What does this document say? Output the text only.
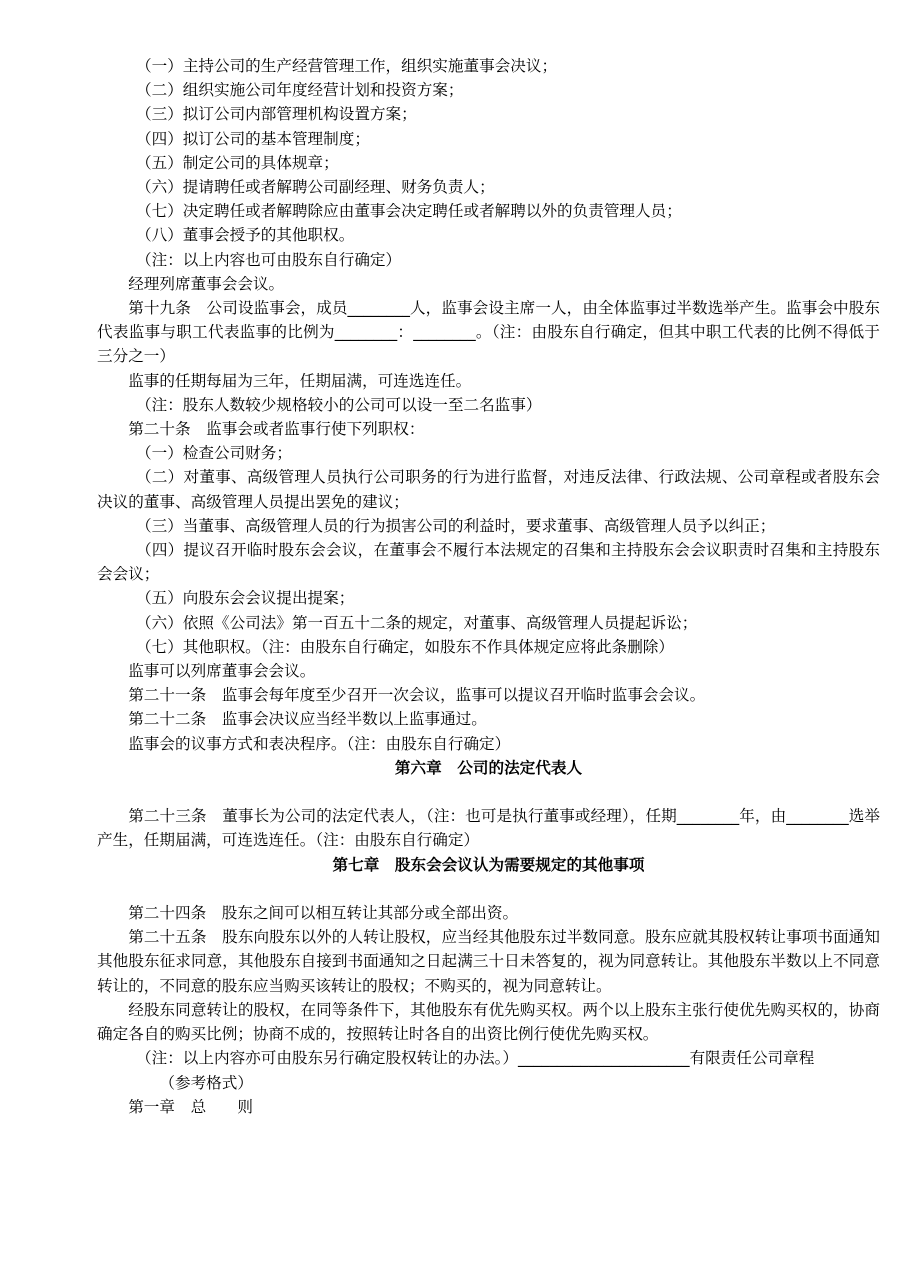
（一）主持公司的生产经营管理工作，组织实施董事会决议；

（二）组织实施公司年度经营计划和投资方案；

（三）拟订公司内部管理机构设置方案；

（四）拟订公司的基本管理制度；

（五）制定公司的具体规章；

（六）提请聘任或者解聘公司副经理、财务负责人；

（七）决定聘任或者解聘除应由董事会决定聘任或者解聘以外的负责管理人员；

（八）董事会授予的其他职权。

（注：以上内容也可由股东自行确定）

经理列席董事会会议。

第十九条　公司设监事会，成员________人，监事会设主席一人，由全体监事过半数选举产生。监事会中股东代表监事与职工代表监事的比例为________：________。（注：由股东自行确定，但其中职工代表的比例不得低于三分之一）

监事的任期每届为三年，任期届满，可连选连任。

（注：股东人数较少规格较小的公司可以设一至二名监事）

第二十条　监事会或者监事行使下列职权：

（一）检查公司财务；

（二）对董事、高级管理人员执行公司职务的行为进行监督，对违反法律、行政法规、公司章程或者股东会决议的董事、高级管理人员提出罢免的建议；

（三）当董事、高级管理人员的行为损害公司的利益时，要求董事、高级管理人员予以纠正；

（四）提议召开临时股东会会议，在董事会不履行本法规定的召集和主持股东会会议职责时召集和主持股东会会议；

（五）向股东会会议提出提案；

（六）依照《公司法》第一百五十二条的规定，对董事、高级管理人员提起诉讼；

（七）其他职权。（注：由股东自行确定，如股东不作具体规定应将此条删除）

监事可以列席董事会会议。

第二十一条　监事会每年度至少召开一次会议，监事可以提议召开临时监事会会议。

第二十二条　监事会决议应当经半数以上监事通过。

监事会的议事方式和表决程序。（注：由股东自行确定）

第六章　公司的法定代表人

第二十三条　董事长为公司的法定代表人，（注：也可是执行董事或经理），任期________年，由________选举产生，任期届满，可连选连任。（注：由股东自行确定）

第七章　股东会会议认为需要规定的其他事项

第二十四条　股东之间可以相互转让其部分或全部出资。

第二十五条　股东向股东以外的人转让股权，应当经其他股东过半数同意。股东应就其股权转让事项书面通知其他股东征求同意，其他股东自接到书面通知之日起满三十日未答复的，视为同意转让。其他股东半数以上不同意转让的，不同意的股东应当购买该转让的股权；不购买的，视为同意转让。

经股东同意转让的股权，在同等条件下，其他股东有优先购买权。两个以上股东主张行使优先购买权的，协商确定各自的购买比例；协商不成的，按照转让时各自的出资比例行使优先购买权。

（注：以上内容亦可由股东另行确定股权转让的办法。）______________________有限责任公司章程

（参考格式）

第一章　总　　则
